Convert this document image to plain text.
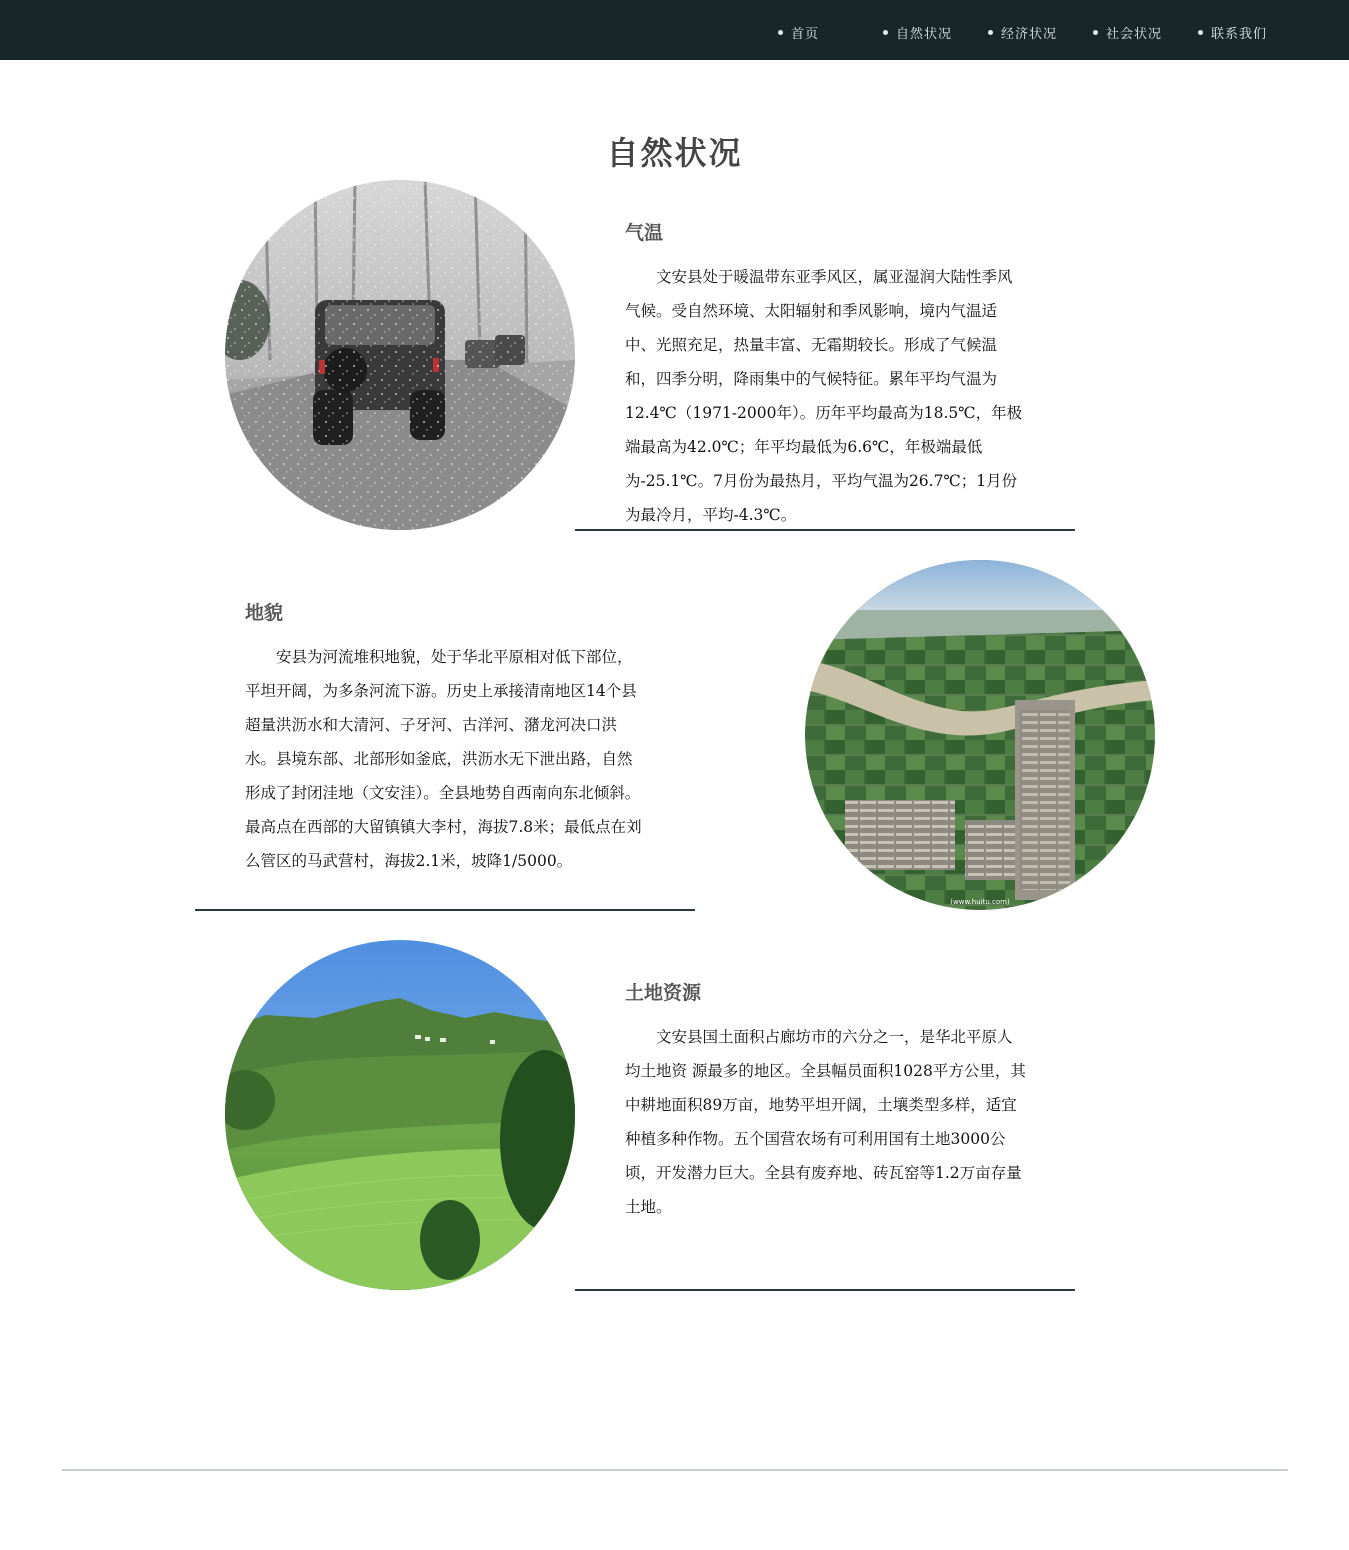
首页	自然状况	经济状况	社会状况	联系我们
自然状况
气温

文安县处于暖温带东亚季风区，属亚湿润大陆性季风气候。受自然环境、太阳辐射和季风影响，境内气温适中、光照充足，热量丰富、无霜期较长。形成了气候温和，四季分明，降雨集中的气候特征。累年平均气温为12.4℃（1971-2000年）。历年平均最高为18.5℃，年极端最高为42.0℃；年平均最低为6.6℃，年极端最低为-25.1℃。7月份为最热月，平均气温为26.7℃；1月份为最冷月，平均-4.3℃。

地貌

安县为河流堆积地貌，处于华北平原相对低下部位，平坦开阔，为多条河流下游。历史上承接清南地区14个县超量洪沥水和大清河、子牙河、古洋河、潴龙河决口洪水。县境东部、北部形如釜底，洪沥水无下泄出路，自然形成了封闭洼地（文安洼）。全县地势自西南向东北倾斜。最高点在西部的大留镇镇大李村，海拔7.8米；最低点在刘么管区的马武营村，海拔2.1米，坡降1/5000。

(www.huitu.com)
土地资源

文安县国土面积占廊坊市的六分之一，是华北平原人均土地资 源最多的地区。全县幅员面积1028平方公里，其中耕地面积89万亩，地势平坦开阔，土壤类型多样，适宜种植多种作物。五个国营农场有可利用国有土地3000公顷，开发潜力巨大。全县有废弃地、砖瓦窑等1.2万亩存量土地。
